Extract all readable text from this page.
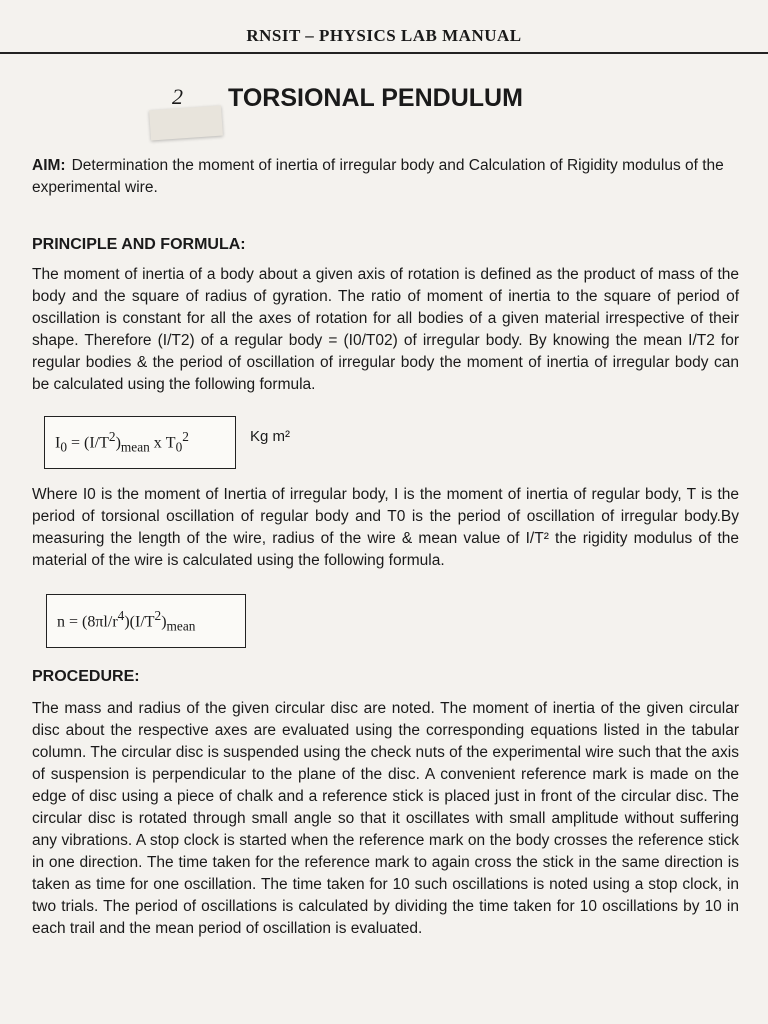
RNSIT – PHYSICS LAB MANUAL
2 TORSIONAL PENDULUM
AIM: Determination the moment of inertia of irregular body and Calculation of Rigidity modulus of the experimental wire.
PRINCIPLE AND FORMULA:
The moment of inertia of a body about a given axis of rotation is defined as the product of mass of the body and the square of radius of gyration. The ratio of moment of inertia to the square of period of oscillation is constant for all the axes of rotation for all bodies of a given material irrespective of their shape. Therefore (I/T2) of a regular body = (I0/T02) of irregular body. By knowing the mean I/T2 for regular bodies & the period of oscillation of irregular body the moment of inertia of irregular body can be calculated using the following formula.
$I_0 = (I/T^2)_{mean}$ x $T_0^2$	Kg m²
Where I0 is the moment of Inertia of irregular body, I is the moment of inertia of regular body, T is the period of torsional oscillation of regular body and T0 is the period of oscillation of irregular body.By measuring the length of the wire, radius of the wire & mean value of I/T² the rigidity modulus of the material of the wire is calculated using the following formula.
$n = (8\pi l/r^4)(I/T^2)_{mean}$
PROCEDURE:
The mass and radius of the given circular disc are noted. The moment of inertia of the given circular disc about the respective axes are evaluated using the corresponding equations listed in the tabular column. The circular disc is suspended using the check nuts of the experimental wire such that the axis of suspension is perpendicular to the plane of the disc. A convenient reference mark is made on the edge of disc using a piece of chalk and a reference stick is placed just in front of the circular disc. The circular disc is rotated through small angle so that it oscillates with small amplitude without suffering any vibrations. A stop clock is started when the reference mark on the body crosses the reference stick in one direction. The time taken for the reference mark to again cross the stick in the same direction is taken as time for one oscillation. The time taken for 10 such oscillations is noted using a stop clock, in two trials. The period of oscillations is calculated by dividing the time taken for 10 oscillations by 10 in each trail and the mean period of oscillation is evaluated.
